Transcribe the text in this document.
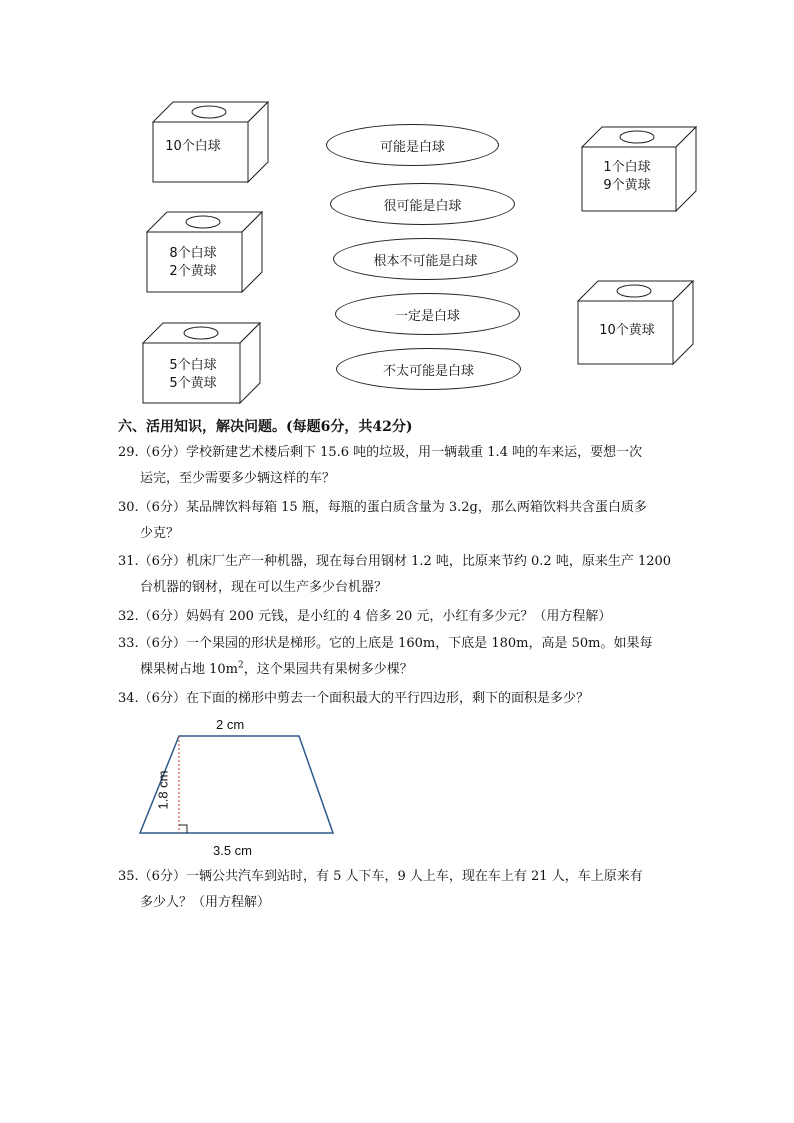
10个白球
8个白球
2个黄球
5个白球
5个黄球
1个白球
9个黄球
10个黄球
可能是白球
很可能是白球
根本不可能是白球
一定是白球
不太可能是白球
六、活用知识，解决问题。(每题6分，共42分)
29.（6分）学校新建艺术楼后剩下 15.6 吨的垃圾，用一辆载重 1.4 吨的车来运，要想一次
运完，至少需要多少辆这样的车？
30.（6分）某品牌饮料每箱 15 瓶，每瓶的蛋白质含量为 3.2g，那么两箱饮料共含蛋白质多
少克？
31.（6分）机床厂生产一种机器，现在每台用钢材 1.2 吨，比原来节约 0.2 吨，原来生产 1200
台机器的钢材，现在可以生产多少台机器？
32.（6分）妈妈有 200 元钱，是小红的 4 倍多 20 元，小红有多少元？（用方程解）
33.（6分）一个果园的形状是梯形。它的上底是 160m，下底是 180m，高是 50m。如果每
棵果树占地 $10m^2$，这个果园共有果树多少棵？
34.（6分）在下面的梯形中剪去一个面积最大的平行四边形，剩下的面积是多少？
2 cm
1.8 cm
3.5 cm
35.（6分）一辆公共汽车到站时，有 5 人下车，9 人上车，现在车上有 21 人，车上原来有
多少人？（用方程解）
